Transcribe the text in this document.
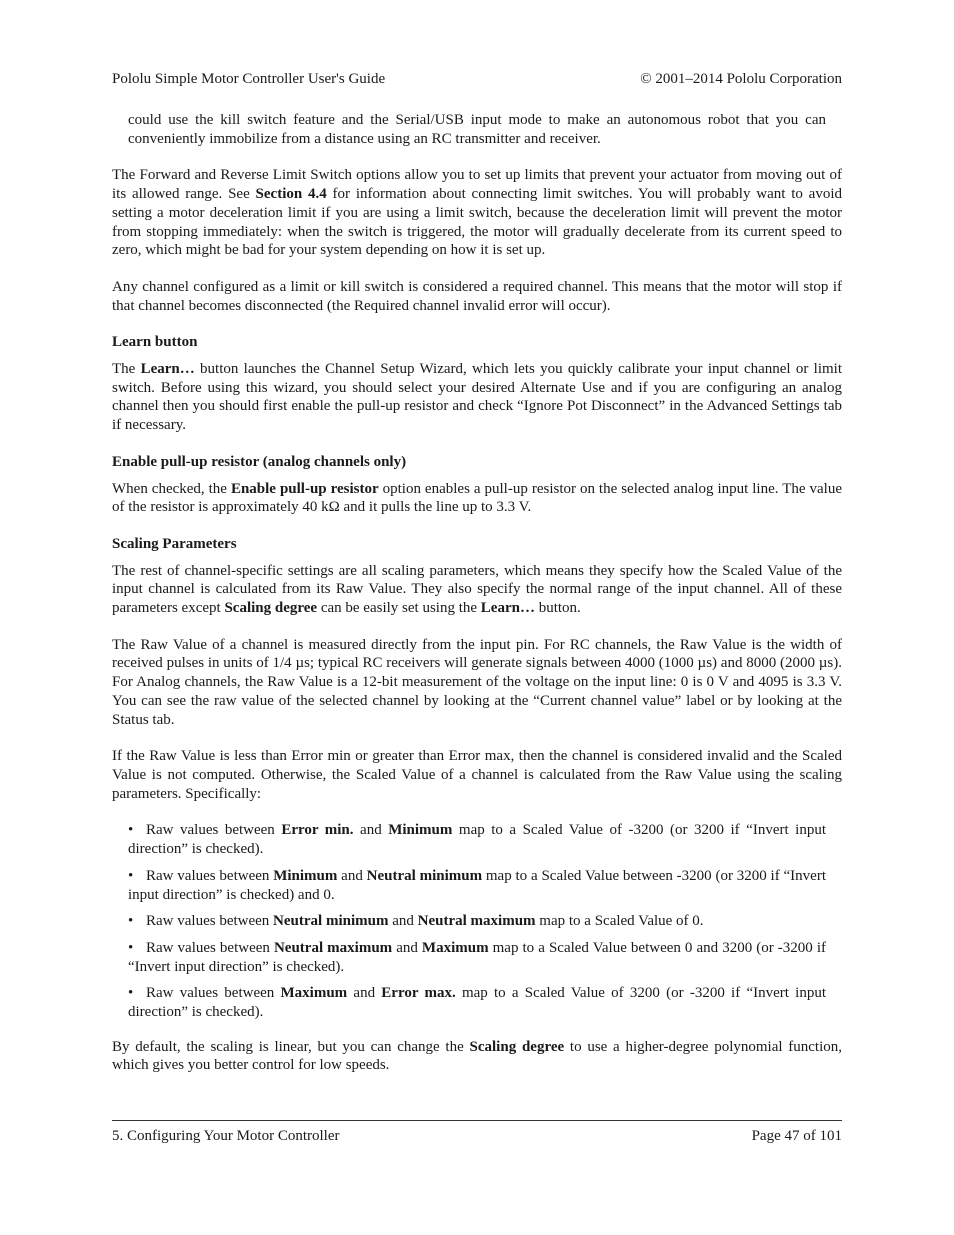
Pololu Simple Motor Controller User's Guide	© 2001–2014 Pololu Corporation

could use the kill switch feature and the Serial/USB input mode to make an autonomous robot that you can conveniently immobilize from a distance using an RC transmitter and receiver.

The Forward and Reverse Limit Switch options allow you to set up limits that prevent your actuator from moving out of its allowed range. See Section 4.4 for information about connecting limit switches. You will probably want to avoid setting a motor deceleration limit if you are using a limit switch, because the deceleration limit will prevent the motor from stopping immediately: when the switch is triggered, the motor will gradually decelerate from its current speed to zero, which might be bad for your system depending on how it is set up.

Any channel configured as a limit or kill switch is considered a required channel. This means that the motor will stop if that channel becomes disconnected (the Required channel invalid error will occur).

Learn button

The Learn… button launches the Channel Setup Wizard, which lets you quickly calibrate your input channel or limit switch. Before using this wizard, you should select your desired Alternate Use and if you are configuring an analog channel then you should first enable the pull-up resistor and check “Ignore Pot Disconnect” in the Advanced Settings tab if necessary.

Enable pull-up resistor (analog channels only)

When checked, the Enable pull-up resistor option enables a pull-up resistor on the selected analog input line. The value of the resistor is approximately 40 kΩ and it pulls the line up to 3.3 V.

Scaling Parameters

The rest of channel-specific settings are all scaling parameters, which means they specify how the Scaled Value of the input channel is calculated from its Raw Value. They also specify the normal range of the input channel. All of these parameters except Scaling degree can be easily set using the Learn… button.

The Raw Value of a channel is measured directly from the input pin. For RC channels, the Raw Value is the width of received pulses in units of 1/4 µs; typical RC receivers will generate signals between 4000 (1000 µs) and 8000 (2000 µs). For Analog channels, the Raw Value is a 12-bit measurement of the voltage on the input line: 0 is 0 V and 4095 is 3.3 V. You can see the raw value of the selected channel by looking at the “Current channel value” label or by looking at the Status tab.

If the Raw Value is less than Error min or greater than Error max, then the channel is considered invalid and the Scaled Value is not computed. Otherwise, the Scaled Value of a channel is calculated from the Raw Value using the scaling parameters. Specifically:

• Raw values between Error min. and Minimum map to a Scaled Value of -3200 (or 3200 if “Invert input direction” is checked).
• Raw values between Minimum and Neutral minimum map to a Scaled Value between -3200 (or 3200 if “Invert input direction” is checked) and 0.
• Raw values between Neutral minimum and Neutral maximum map to a Scaled Value of 0.
• Raw values between Neutral maximum and Maximum map to a Scaled Value between 0 and 3200 (or -3200 if “Invert input direction” is checked).
• Raw values between Maximum and Error max. map to a Scaled Value of 3200 (or -3200 if “Invert input direction” is checked).

By default, the scaling is linear, but you can change the Scaling degree to use a higher-degree polynomial function, which gives you better control for low speeds.

5. Configuring Your Motor Controller	Page 47 of 101
